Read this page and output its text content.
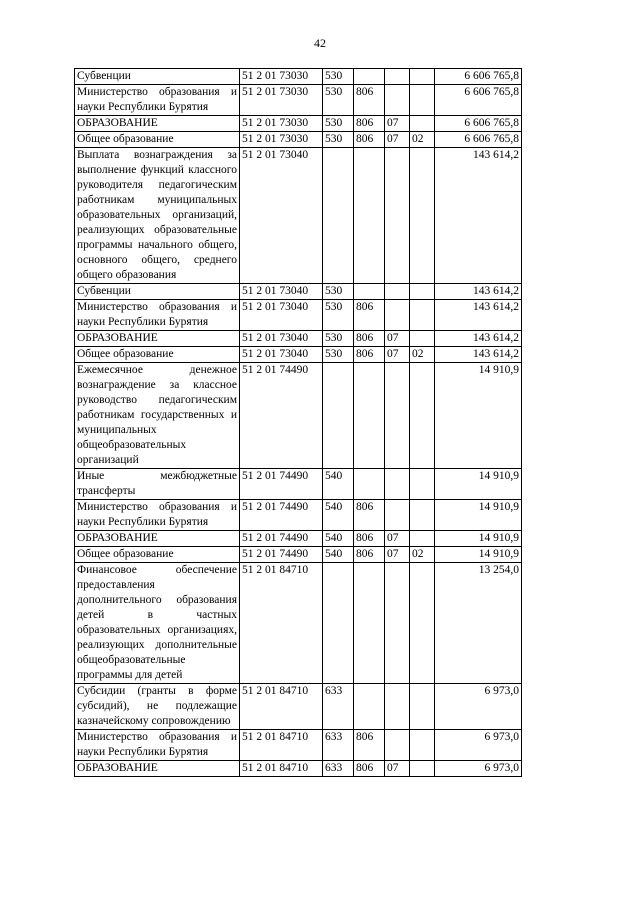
42
Субвенции	51 2 01 73030	530				6 606 765,8
Министерство образования и науки Республики Бурятия	51 2 01 73030	530	806			6 606 765,8
ОБРАЗОВАНИЕ	51 2 01 73030	530	806	07		6 606 765,8
Общее образование	51 2 01 73030	530	806	07	02	6 606 765,8
Выплата вознаграждения за выполнение функций классного руководителя педагогическим работникам муниципальных образовательных организаций, реализующих образовательные программы начального общего, основного общего, среднего общего образования	51 2 01 73040					143 614,2
Субвенции	51 2 01 73040	530				143 614,2
Министерство образования и науки Республики Бурятия	51 2 01 73040	530	806			143 614,2
ОБРАЗОВАНИЕ	51 2 01 73040	530	806	07		143 614,2
Общее образование	51 2 01 73040	530	806	07	02	143 614,2
Ежемесячное денежное вознаграждение за классное руководство педагогическим работникам государственных и муниципальных общеобразовательных организаций	51 2 01 74490					14 910,9
Иные межбюджетные трансферты	51 2 01 74490	540				14 910,9
Министерство образования и науки Республики Бурятия	51 2 01 74490	540	806			14 910,9
ОБРАЗОВАНИЕ	51 2 01 74490	540	806	07		14 910,9
Общее образование	51 2 01 74490	540	806	07	02	14 910,9
Финансовое обеспечение предоставления дополнительного образования детей в частных образовательных организациях, реализующих дополнительные общеобразовательные программы для детей	51 2 01 84710					13 254,0
Субсидии (гранты в форме субсидий), не подлежащие казначейскому сопровождению	51 2 01 84710	633				6 973,0
Министерство образования и науки Республики Бурятия	51 2 01 84710	633	806			6 973,0
ОБРАЗОВАНИЕ	51 2 01 84710	633	806	07		6 973,0
